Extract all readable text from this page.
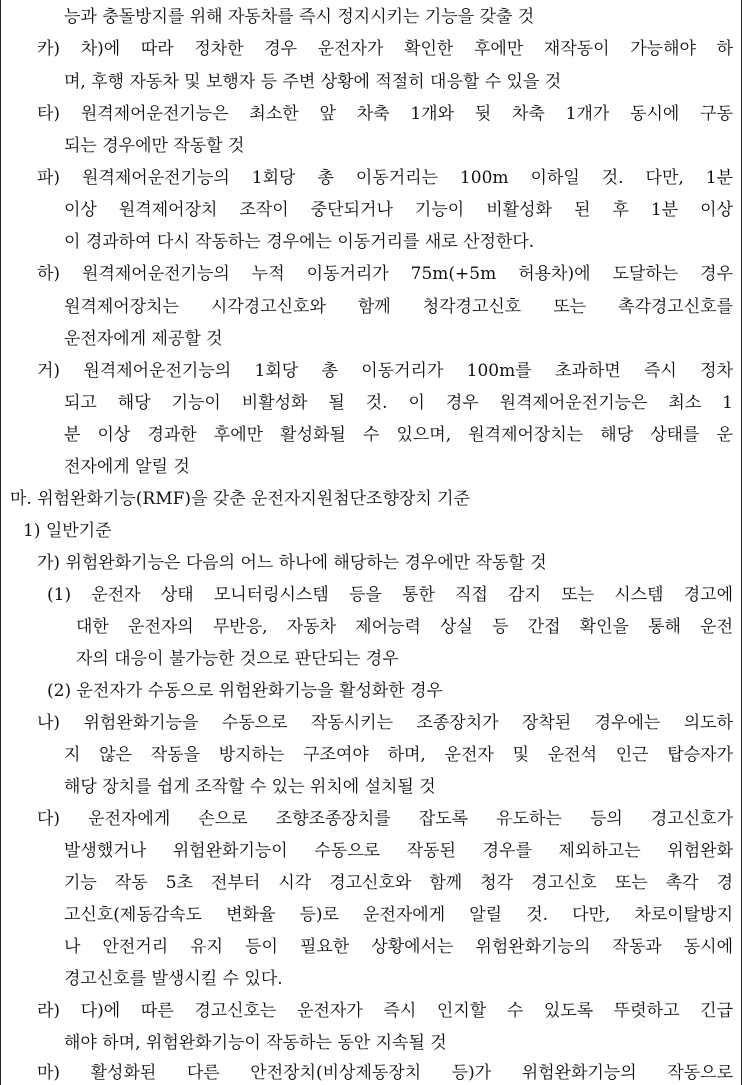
능과 충돌방지를 위해 자동차를 즉시 정지시키는 기능을 갖출 것
카) 차)에 따라 정차한 경우 운전자가 확인한 후에만 재작동이 가능해야 하
며, 후행 자동차 및 보행자 등 주변 상황에 적절히 대응할 수 있을 것
타) 원격제어운전기능은 최소한 앞 차축 1개와 뒷 차축 1개가 동시에 구동
되는 경우에만 작동할 것
파) 원격제어운전기능의 1회당 총 이동거리는 100m 이하일 것. 다만, 1분
이상 원격제어장치 조작이 중단되거나 기능이 비활성화 된 후 1분 이상
이 경과하여 다시 작동하는 경우에는 이동거리를 새로 산정한다.
하) 원격제어운전기능의 누적 이동거리가 75m(+5m 허용차)에 도달하는 경우
원격제어장치는 시각경고신호와 함께 청각경고신호 또는 촉각경고신호를
운전자에게 제공할 것
거) 원격제어운전기능의 1회당 총 이동거리가 100m를 초과하면 즉시 정차
되고 해당 기능이 비활성화 될 것. 이 경우 원격제어운전기능은 최소 1
분 이상 경과한 후에만 활성화될 수 있으며, 원격제어장치는 해당 상태를 운
전자에게 알릴 것
마. 위험완화기능(RMF)을 갖춘 운전자지원첨단조향장치 기준
1) 일반기준
가) 위험완화기능은 다음의 어느 하나에 해당하는 경우에만 작동할 것
(1) 운전자 상태 모니터링시스템 등을 통한 직접 감지 또는 시스템 경고에
대한 운전자의 무반응, 자동차 제어능력 상실 등 간접 확인을 통해 운전
자의 대응이 불가능한 것으로 판단되는 경우
(2) 운전자가 수동으로 위험완화기능을 활성화한 경우
나) 위험완화기능을 수동으로 작동시키는 조종장치가 장착된 경우에는 의도하
지 않은 작동을 방지하는 구조여야 하며, 운전자 및 운전석 인근 탑승자가
해당 장치를 쉽게 조작할 수 있는 위치에 설치될 것
다) 운전자에게 손으로 조향조종장치를 잡도록 유도하는 등의 경고신호가
발생했거나 위험완화기능이 수동으로 작동된 경우를 제외하고는 위험완화
기능 작동 5초 전부터 시각 경고신호와 함께 청각 경고신호 또는 촉각 경
고신호(제동감속도 변화율 등)로 운전자에게 알릴 것. 다만, 차로이탈방지
나 안전거리 유지 등이 필요한 상황에서는 위험완화기능의 작동과 동시에
경고신호를 발생시킬 수 있다.
라) 다)에 따른 경고신호는 운전자가 즉시 인지할 수 있도록 뚜렷하고 긴급
해야 하며, 위험완화기능이 작동하는 동안 지속될 것
마) 활성화된 다른 안전장치(비상제동장치 등)가 위험완화기능의 작동으로
